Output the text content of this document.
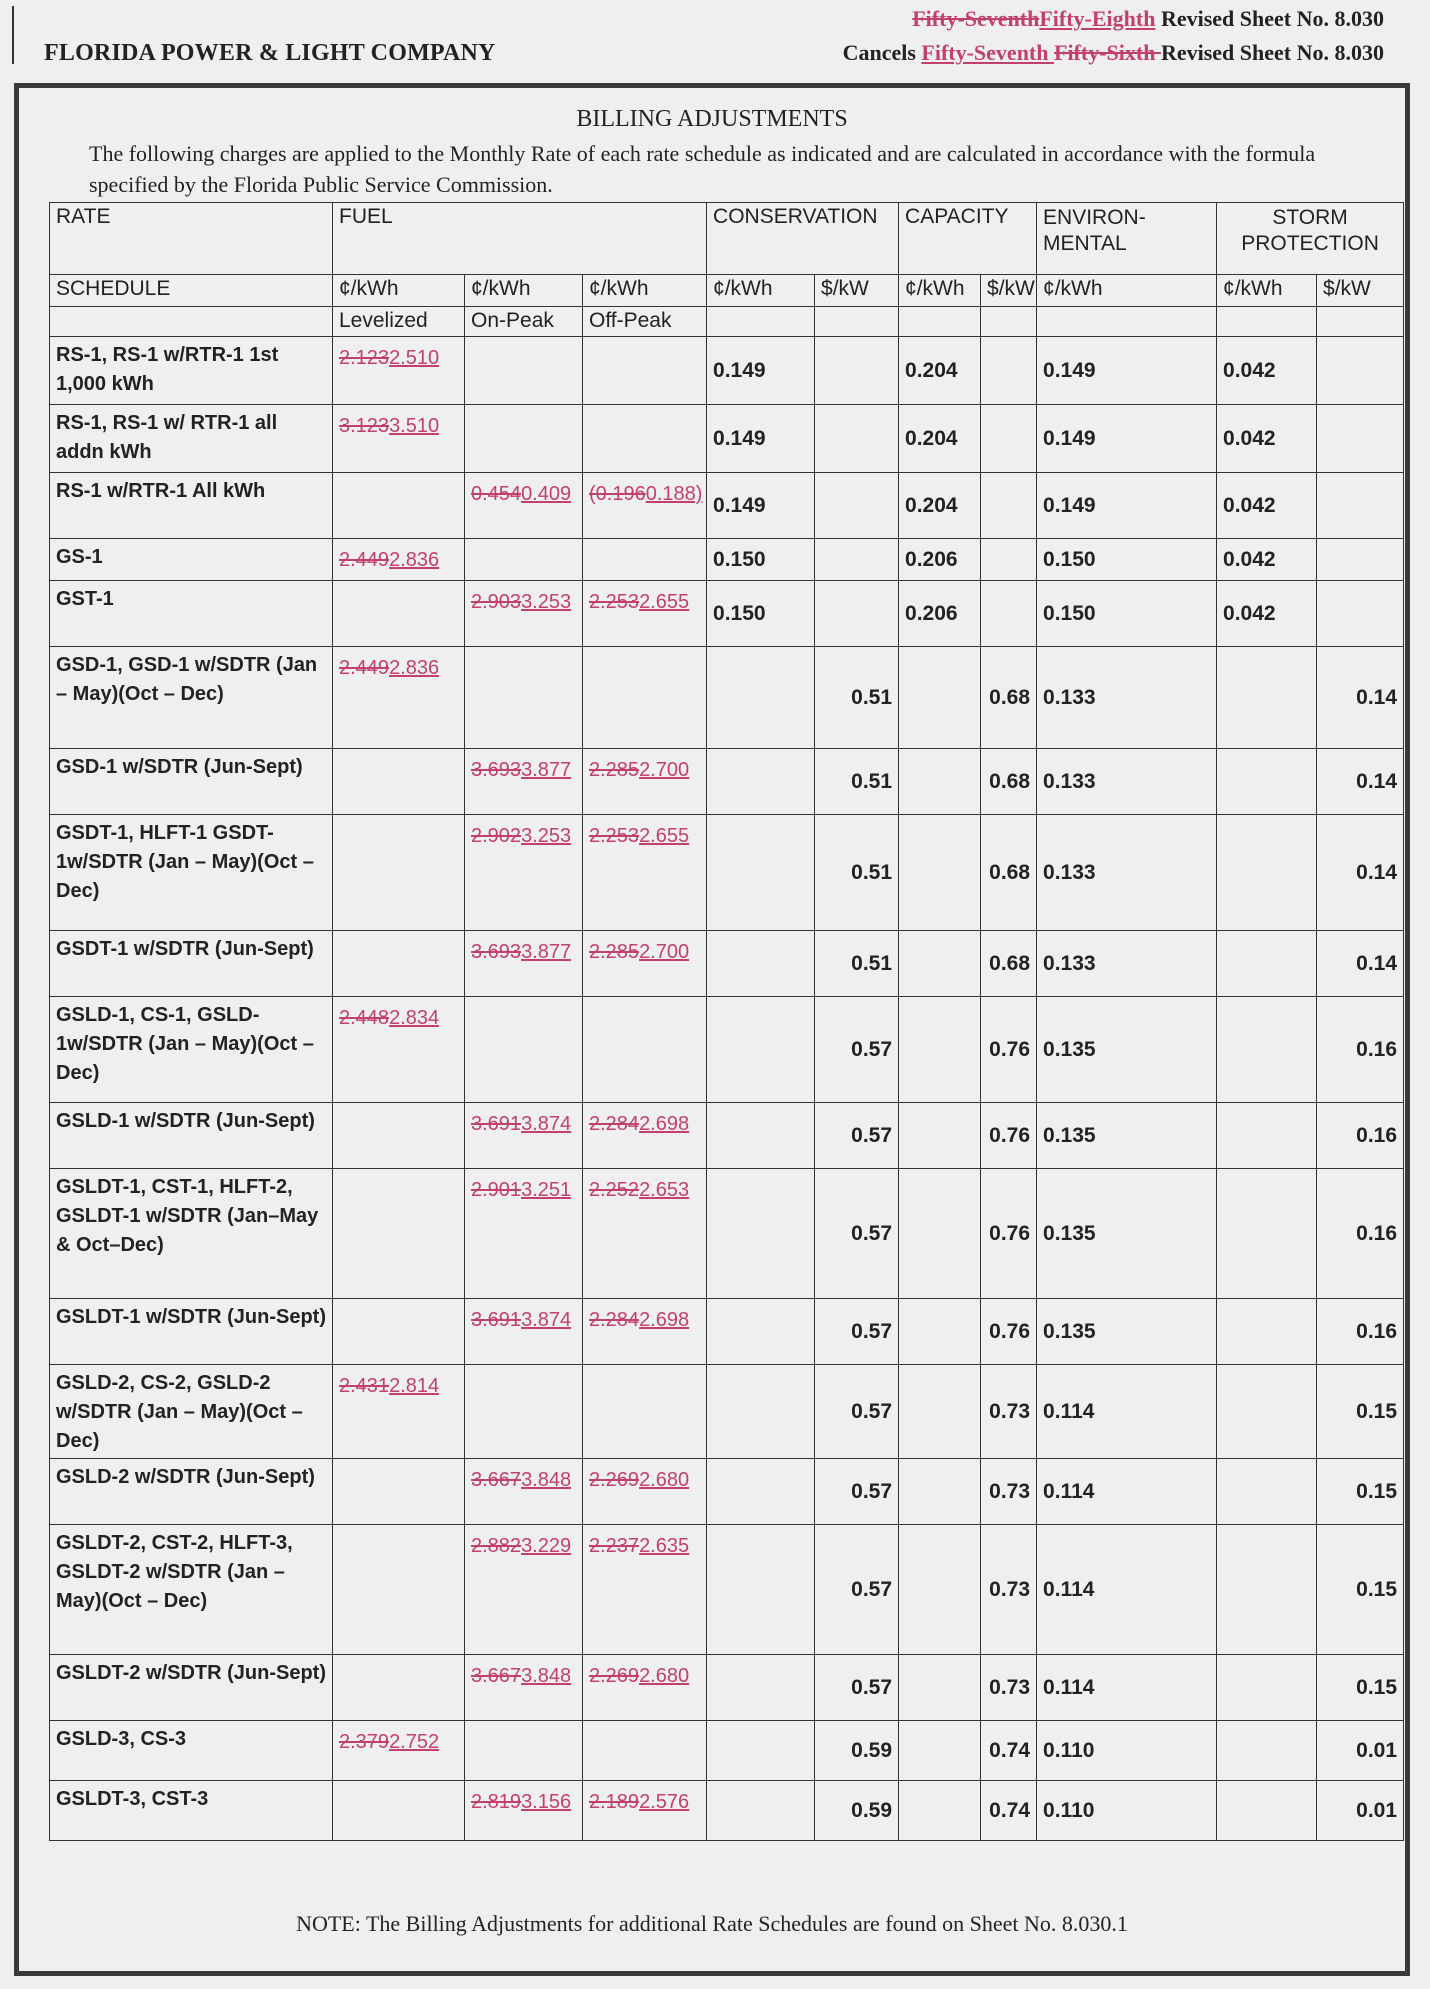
FLORIDA POWER & LIGHT COMPANY
Fifty-SeventhFifty-Eighth Revised Sheet No. 8.030
Cancels Fifty-Seventh Fifty-Sixth Revised Sheet No. 8.030
BILLING ADJUSTMENTS
The following charges are applied to the Monthly Rate of each rate schedule as indicated and are calculated in accordance with the formula specified by the Florida Public Service Commission.
RATE	FUEL			CONSERVATION		CAPACITY		ENVIRON-MENTAL	STORM PROTECTION	
SCHEDULE	¢/kWh	¢/kWh	¢/kWh	¢/kWh	$/kW	¢/kWh	$/kW	¢/kWh	¢/kWh	$/kW
	Levelized	On-Peak	Off-Peak							
RS-1, RS-1 w/RTR-1 1st 1,000 kWh	2.1232.510			0.149		0.204		0.149	0.042	
RS-1, RS-1 w/ RTR-1 all addn kWh	3.1233.510			0.149		0.204		0.149	0.042	
RS-1 w/RTR-1 All kWh		0.4540.409	(0.1960.188)	0.149		0.204		0.149	0.042	
GS-1	2.4492.836			0.150		0.206		0.150	0.042	
GST-1		2.9033.253	2.2532.655	0.150		0.206		0.150	0.042	
GSD-1, GSD-1 w/SDTR (Jan – May)(Oct – Dec)	2.4492.836				0.51		0.68	0.133		0.14
GSD-1 w/SDTR (Jun-Sept)		3.6933.877	2.2852.700		0.51		0.68	0.133		0.14
GSDT-1, HLFT-1 GSDT-1w/SDTR (Jan – May)(Oct – Dec)		2.9023.253	2.2532.655		0.51		0.68	0.133		0.14
GSDT-1 w/SDTR (Jun-Sept)		3.6933.877	2.2852.700		0.51		0.68	0.133		0.14
GSLD-1, CS-1, GSLD-1w/SDTR (Jan – May)(Oct – Dec)	2.4482.834				0.57		0.76	0.135		0.16
GSLD-1 w/SDTR (Jun-Sept)		3.6913.874	2.2842.698		0.57		0.76	0.135		0.16
GSLDT-1, CST-1, HLFT-2, GSLDT-1 w/SDTR (Jan–May & Oct–Dec)		2.9013.251	2.2522.653		0.57		0.76	0.135		0.16
GSLDT-1 w/SDTR (Jun-Sept)		3.6913.874	2.2842.698		0.57		0.76	0.135		0.16
GSLD-2, CS-2, GSLD-2 w/SDTR (Jan – May)(Oct – Dec)	2.4312.814				0.57		0.73	0.114		0.15
GSLD-2 w/SDTR (Jun-Sept)		3.6673.848	2.2692.680		0.57		0.73	0.114		0.15
GSLDT-2, CST-2, HLFT-3, GSLDT-2 w/SDTR (Jan – May)(Oct – Dec)		2.8823.229	2.2372.635		0.57		0.73	0.114		0.15
GSLDT-2 w/SDTR (Jun-Sept)		3.6673.848	2.2692.680		0.57		0.73	0.114		0.15
GSLD-3, CS-3	2.3792.752				0.59		0.74	0.110		0.01
GSLDT-3, CST-3		2.8193.156	2.1892.576		0.59		0.74	0.110		0.01
NOTE: The Billing Adjustments for additional Rate Schedules are found on Sheet No. 8.030.1
